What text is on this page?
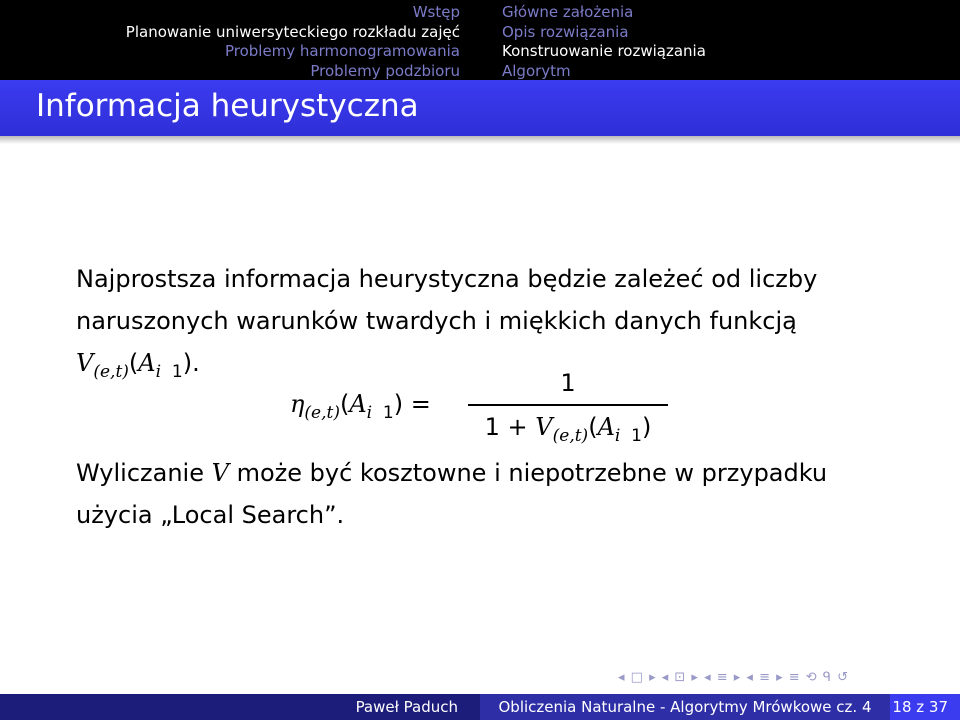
Wstęp
Planowanie uniwersyteckiego rozkładu zajęć
Problemy harmonogramowania
Problemy podzbioru
Główne założenia
Opis rozwiązania
Konstruowanie rozwiązania
Algorytm
Informacja heurystyczna
Najprostsza informacja heurystyczna będzie zależeć od liczby
naruszonych warunków twardych i miękkich danych funkcją
$V_{(e,t)}(A_{i 1})$.
$\eta_{(e,t)}(A_{i 1})$ =
1
$1 + V_{(e,t)}(A_{i 1})$
Wyliczanie V może być kosztowne i niepotrzebne w przypadku
użycia „Local Search”.
◂ □ ▸ ◂ ⊡ ▸ ◂ ≡ ▸ ◂ ≡ ▸ ≡ ⟲ ᑫ ↺
Paweł Paduch	Obliczenia Naturalne - Algorytmy Mrówkowe cz. 4	18 z 37
